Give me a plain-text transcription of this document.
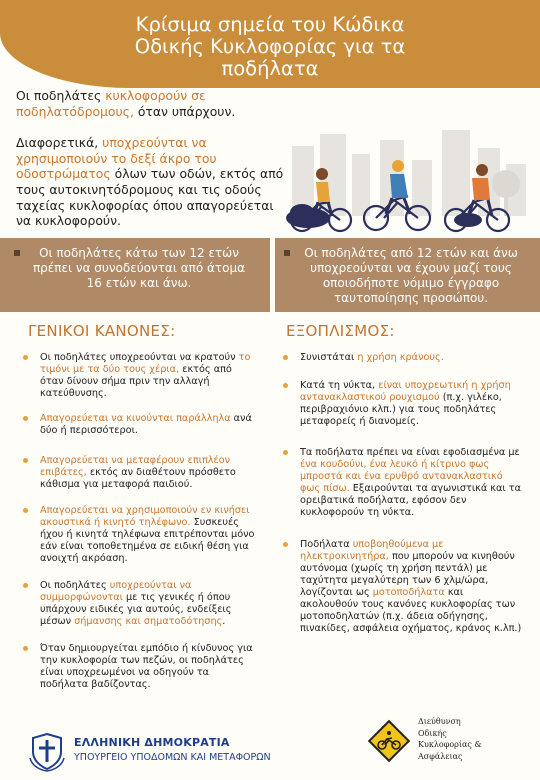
Κρίσιμα σημεία του Κώδικα
Οδικής Κυκλοφορίας για τα
ποδήλατα

Οι ποδηλάτες κυκλοφορούν σε ποδηλατόδρομους, όταν υπάρχουν.

Διαφορετικά, υποχρεούνται να χρησιμοποιούν το δεξί άκρο του οδοστρώματος όλων των οδών, εκτός από τους αυτοκινητόδρομους και τις οδούς ταχείας κυκλοφορίας όπου απαγορεύεται να κυκλοφορούν.

Οι ποδηλάτες κάτω των 12 ετών πρέπει να συνοδεύονται από άτομα 16 ετών και άνω.
Οι ποδηλάτες από 12 ετών και άνω υποχρεούνται να έχουν μαζί τους οποιοδήποτε νόμιμο έγγραφο ταυτοποίησης προσώπου.
ΓΕΝΙΚΟΙ ΚΑΝΟΝΕΣ:	ΕΞΟΠΛΙΣΜΟΣ:
Οι ποδηλάτες υποχρεούνται να κρατούν το τιμόνι με τα δύο τους χέρια, εκτός από όταν δίνουν σήμα πριν την αλλαγή κατεύθυνσης.
Απαγορεύεται να κινούνται παράλληλα ανά δύο ή περισσότεροι.
Απαγορεύεται να μεταφέρουν επιπλέον επιβάτες, εκτός αν διαθέτουν πρόσθετο κάθισμα για μεταφορά παιδιού.
Απαγορεύεται να χρησιμοποιούν εν κινήσει ακουστικά ή κινητό τηλέφωνο. Συσκευές ήχου ή κινητά τηλέφωνα επιτρέπονται μόνο εάν είναι τοποθετημένα σε ειδική θέση για ανοιχτή ακρόαση.
Οι ποδηλάτες υποχρεούνται να συμμορφώνονται με τις γενικές ή όπου υπάρχουν ειδικές για αυτούς, ενδείξεις μέσων σήμανσης και σηματοδότησης.
Όταν δημιουργείται εμπόδιο ή κίνδυνος για την κυκλοφορία των πεζών, οι ποδηλάτες είναι υποχρεωμένοι να οδηγούν τα ποδήλατα βαδίζοντας.
Συνιστάται η χρήση κράνους.
Κατά τη νύκτα, είναι υποχρεωτική η χρήση αντανακλαστικού ρουχισμού (π.χ. γιλέκο, περιβραχιόνιο κλπ.) για τους ποδηλάτες μεταφορείς ή διανομείς.
Τα ποδήλατα πρέπει να είναι εφοδιασμένα με ένα κουδούνι, ένα λευκό ή κίτρινο φως μπροστά και ένα ερυθρό αντανακλαστικό φως πίσω. Εξαιρούνται τα αγωνιστικά και τα ορειβατικά ποδήλατα, εφόσον δεν κυκλοφορούν τη νύκτα.
Ποδήλατα υποβοηθούμενα με ηλεκτροκινητήρα, που μπορούν να κινηθούν αυτόνομα (χωρίς τη χρήση πεντάλ) με ταχύτητα μεγαλύτερη των 6 χλμ/ώρα, λογίζονται ως μοτοποδήλατα και ακολουθούν τους κανόνες κυκλοφορίας των μοτοποδηλατών (π.χ. άδεια οδήγησης, πινακίδες, ασφάλεια οχήματος, κράνος κ.λπ.)
ΕΛΛΗΝΙΚΗ ΔΗΜΟΚΡΑΤΙΑ
ΥΠΟΥΡΓΕΙΟ ΥΠΟΔΟΜΩΝ ΚΑΙ ΜΕΤΑΦΟΡΩΝ
Διεύθυνση
Οδικής
Κυκλοφορίας &
Ασφάλειας
